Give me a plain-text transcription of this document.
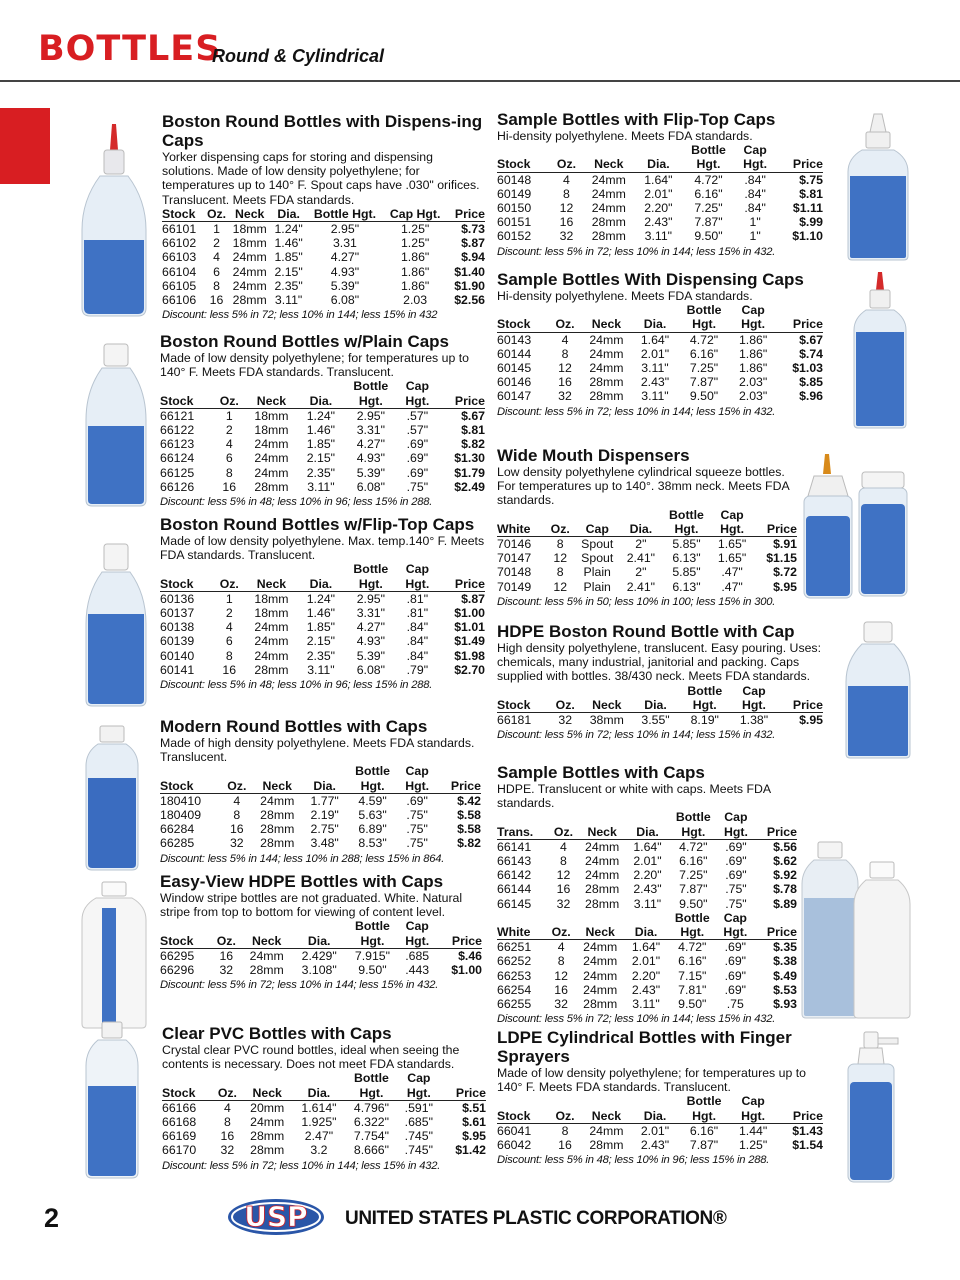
BOTTLES
Round & Cylindrical
Boston Round Bottles with Dispens-ing Caps

Yorker dispensing caps for storing and dispensing solutions. Made of low density polyethylene; for temperatures up to 140° F. Spout caps have .030" orifices. Translucent. Meets FDA standards.

Stock	Oz.	Neck	Dia.	Bottle Hgt.	Cap Hgt.	Price
66101	1	18mm	1.24"	2.95"	1.25"	$.73
66102	2	18mm	1.46"	3.31	1.25"	$.87
66103	4	24mm	1.85"	4.27"	1.86"	$.94
66104	6	24mm	2.15"	4.93"	1.86"	$1.40
66105	8	24mm	2.35"	5.39"	1.86"	$1.90
66106	16	28mm	3.11"	6.08"	2.03	$2.56
Discount: less 5% in 72; less 10% in 144; less 15% in 432
Boston Round Bottles w/Plain Caps

Made of low density polyethylene; for temperatures up to 140° F. Meets FDA standards. Translucent.

				Bottle	Cap	
Stock	Oz.	Neck	Dia.	Hgt.	Hgt.	Price
66121	1	18mm	1.24"	2.95"	.57"	$.67
66122	2	18mm	1.46"	3.31"	.57"	$.81
66123	4	24mm	1.85"	4.27"	.69"	$.82
66124	6	24mm	2.15"	4.93"	.69"	$1.30
66125	8	24mm	2.35"	5.39"	.69"	$1.79
66126	16	28mm	3.11"	6.08"	.75"	$2.49
Discount: less 5% in 48; less 10% in 96; less 15% in 288.
Boston Round Bottles w/Flip-Top Caps

Made of low density polyethylene. Max. temp.140° F. Meets FDA standards. Translucent.

				Bottle	Cap	
Stock	Oz.	Neck	Dia.	Hgt.	Hgt.	Price
60136	1	18mm	1.24"	2.95"	.81"	$.87
60137	2	18mm	1.46"	3.31"	.81"	$1.00
60138	4	24mm	1.85"	4.27"	.84"	$1.01
60139	6	24mm	2.15"	4.93"	.84"	$1.49
60140	8	24mm	2.35"	5.39"	.84"	$1.98
60141	16	28mm	3.11"	6.08"	.79"	$2.70
Discount: less 5% in 48; less 10% in 96; less 15% in 288.
Modern Round Bottles with Caps

Made of high density polyethylene. Meets FDA standards. Translucent.

				Bottle	Cap	
Stock	Oz.	Neck	Dia.	Hgt.	Hgt.	Price
180410	4	24mm	1.77"	4.59"	.69"	$.42
180409	8	28mm	2.19"	5.63"	.75"	$.58
66284	16	28mm	2.75"	6.89"	.75"	$.58
66285	32	28mm	3.48"	8.53"	.75"	$.82
Discount: less 5% in 144; less 10% in 288; less 15% in 864.
Easy-View HDPE Bottles with Caps

Window stripe bottles are not graduated. White. Natural stripe from top to bottom for viewing of content level.

				Bottle	Cap	
Stock	Oz.	Neck	Dia.	Hgt.	Hgt.	Price
66295	16	24mm	2.429"	7.915"	.685	$.46
66296	32	28mm	3.108"	9.50"	.443	$1.00
Discount: less 5% in 72; less 10% in 144; less 15% in 432.
Clear PVC Bottles with Caps

Crystal clear PVC round bottles, ideal when seeing the contents is necessary. Does not meet FDA standards.

				Bottle	Cap	
Stock	Oz.	Neck	Dia.	Hgt.	Hgt.	Price
66166	4	20mm	1.614"	4.796"	.591"	$.51
66168	8	24mm	1.925"	6.322"	.685"	$.61
66169	16	28mm	2.47"	7.754"	.745"	$.95
66170	32	28mm	3.2	8.666"	.745"	$1.42
Discount: less 5% in 72; less 10% in 144; less 15% in 432.
Sample Bottles with Flip-Top Caps

Hi-density polyethylene. Meets FDA standards.

				Bottle	Cap	
Stock	Oz.	Neck	Dia.	Hgt.	Hgt.	Price
60148	4	24mm	1.64"	4.72"	.84"	$.75
60149	8	24mm	2.01"	6.16"	.84"	$.81
60150	12	24mm	2.20"	7.25"	.84"	$1.11
60151	16	28mm	2.43"	7.87"	1"	$.99
60152	32	28mm	3.11"	9.50"	1"	$1.10
Discount: less 5% in 72; less 10% in 144; less 15% in 432.
Sample Bottles With Dispensing Caps

Hi-density polyethylene. Meets FDA standards.

				Bottle	Cap	
Stock	Oz.	Neck	Dia.	Hgt.	Hgt.	Price
60143	4	24mm	1.64"	4.72"	1.86"	$.67
60144	8	24mm	2.01"	6.16"	1.86"	$.74
60145	12	24mm	3.11"	7.25"	1.86"	$1.03
60146	16	28mm	2.43"	7.87"	2.03"	$.85
60147	32	28mm	3.11"	9.50"	2.03"	$.96
Discount: less 5% in 72; less 10% in 144; less 15% in 432.
Wide Mouth Dispensers

Low density polyethylene cylindrical squeeze bottles. For temperatures up to 140°. 38mm neck. Meets FDA standards.

				Bottle	Cap	
White	Oz.	Cap	Dia.	Hgt.	Hgt.	Price
70146	8	Spout	2"	5.85"	1.65"	$.91
70147	12	Spout	2.41"	6.13"	1.65"	$1.15
70148	8	Plain	2"	5.85"	.47"	$.72
70149	12	Plain	2.41"	6.13"	.47"	$.95
Discount: less 5% in 50; less 10% in 100; less 15% in 300.
HDPE Boston Round Bottle with Cap

High density polyethylene, translucent. Easy pouring. Uses: chemicals, many industrial, janitorial and packing. Caps supplied with bottles. 38/430 neck. Meets FDA standards.

				Bottle	Cap	
Stock	Oz.	Neck	Dia.	Hgt.	Hgt.	Price
66181	32	38mm	3.55"	8.19"	1.38"	$.95
Discount: less 5% in 72; less 10% in 144; less 15% in 432.
Sample Bottles with Caps

HDPE. Translucent or white with caps. Meets FDA standards.

				Bottle	Cap	
Trans.	Oz.	Neck	Dia.	Hgt.	Hgt.	Price
66141	4	24mm	1.64"	4.72"	.69"	$.56
66143	8	24mm	2.01"	6.16"	.69"	$.62
66142	12	24mm	2.20"	7.25"	.69"	$.92
66144	16	28mm	2.43"	7.87"	.75"	$.78
66145	32	28mm	3.11"	9.50"	.75"	$.89
				Bottle	Cap	
White	Oz.	Neck	Dia.	Hgt.	Hgt.	Price
66251	4	24mm	1.64"	4.72"	.69"	$.35
66252	8	24mm	2.01"	6.16"	.69"	$.38
66253	12	24mm	2.20"	7.15"	.69"	$.49
66254	16	24mm	2.43"	7.81"	.69"	$.53
66255	32	28mm	3.11"	9.50"	.75	$.93
Discount: less 5% in 72; less 10% in 144; less 15% in 432.
LDPE Cylindrical Bottles with Finger Sprayers

Made of low density polyethylene; for temperatures up to 140° F. Meets FDA standards. Translucent.

				Bottle	Cap	
Stock	Oz.	Neck	Dia.	Hgt.	Hgt.	Price
66041	8	24mm	2.01"	6.16"	1.44"	$1.43
66042	16	28mm	2.43"	7.87"	1.25"	$1.54
Discount: less 5% in 48; less 10% in 96; less 15% in 288.
2	USP UNITED STATES PLASTIC CORPORATION®
